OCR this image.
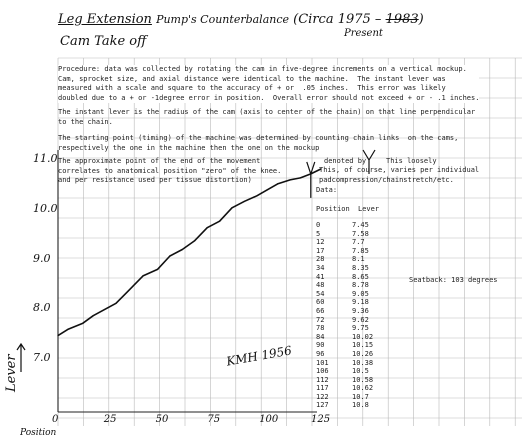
Leg Extension Pump's Counterbalance (Circa 1975 – 1983)
Present
Cam Take off
Procedure: data was collected by rotating the cam in five-degree increments on a vertical mockup.
Cam, sprocket size, and axial distance were identical to the machine.  The instant lever was
measured with a scale and square to the accuracy of + or  .05 inches.  This error was likely
doubled due to a + or -1degree error in position.  Overall error should not exceed + or - .1 inches.
The instant lever is the radius of the cam (axis to center of the chain) on that line perpendicular
to the chain.
The starting point (timing) of the machine was determined by counting chain links  on the cams,
respectively the one in the machine then the one on the mockup
The approximate point of the end of the movement
correlates to anatomical position "zero" of the knee.
and per resistance used per tissue distortion)
denoted by	This loosely
This, of course, varies per individual
padcompression/chainstretch/etc.
Data:
Position Lever
0	7.45
5	7.58
12	7.7
17	7.85
28	8.1
34	8.35
41	8.65
48	8.78
54	9.05
60	9.18
66	9.36
72	9.62
78	9.75
84	10.02
90	10.15
96	10.26
101	10.38
106	10.5
112	10.58
117	10.62
122	10.7
127	10.8
Seatback: 103 degrees
KMH 1956
11.0
10.0
9.0
8.0
7.0
0	25	50	75	100	125
Lever
Position
